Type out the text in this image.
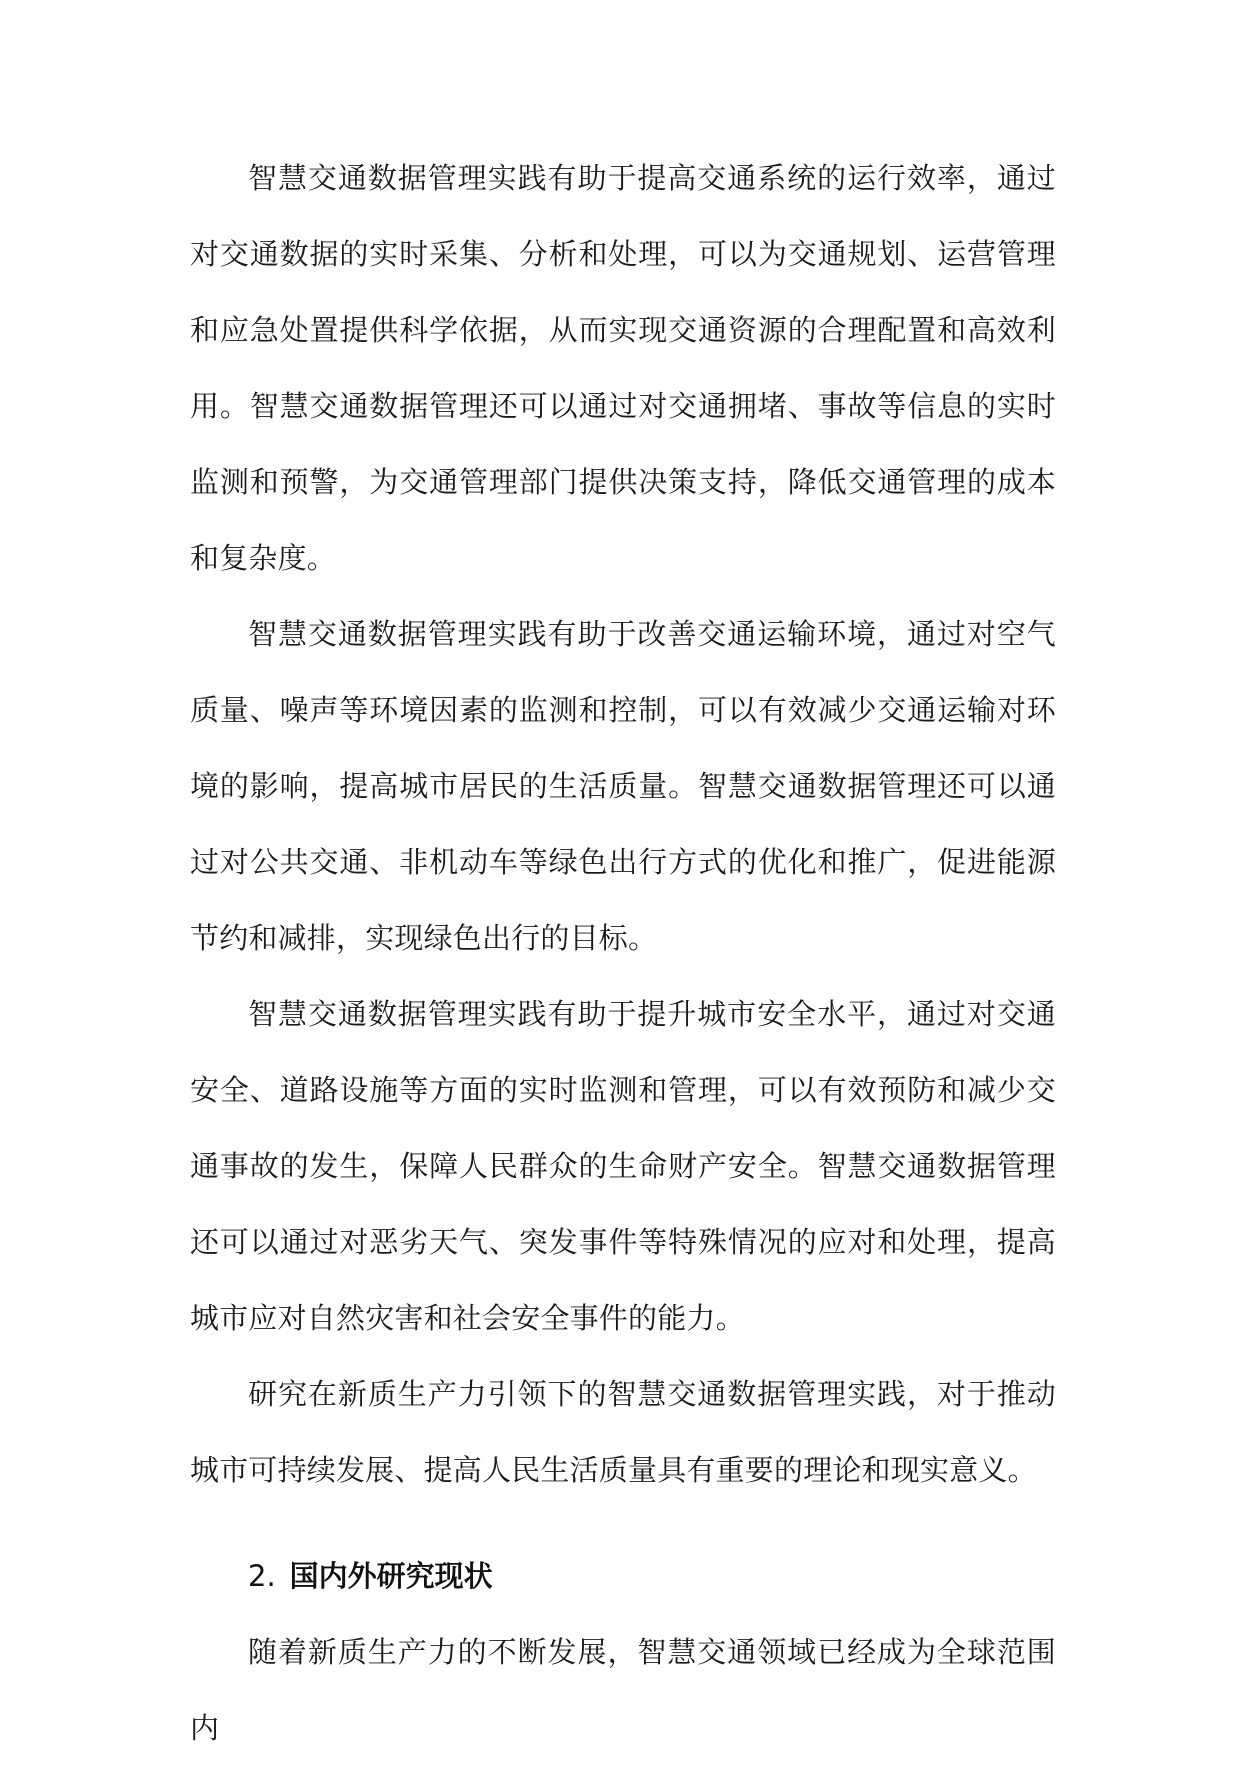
智慧交通数据管理实践有助于提高交通系统的运行效率，通过对交通数据的实时采集、分析和处理，可以为交通规划、运营管理和应急处置提供科学依据，从而实现交通资源的合理配置和高效利用。智慧交通数据管理还可以通过对交通拥堵、事故等信息的实时监测和预警，为交通管理部门提供决策支持，降低交通管理的成本和复杂度。

智慧交通数据管理实践有助于改善交通运输环境，通过对空气质量、噪声等环境因素的监测和控制，可以有效减少交通运输对环境的影响，提高城市居民的生活质量。智慧交通数据管理还可以通过对公共交通、非机动车等绿色出行方式的优化和推广，促进能源节约和减排，实现绿色出行的目标。

智慧交通数据管理实践有助于提升城市安全水平，通过对交通安全、道路设施等方面的实时监测和管理，可以有效预防和减少交通事故的发生，保障人民群众的生命财产安全。智慧交通数据管理还可以通过对恶劣天气、突发事件等特殊情况的应对和处理，提高城市应对自然灾害和社会安全事件的能力。

研究在新质生产力引领下的智慧交通数据管理实践，对于推动城市可持续发展、提高人民生活质量具有重要的理论和现实意义。

2. 国内外研究现状

随着新质生产力的不断发展，智慧交通领域已经成为全球范围内
